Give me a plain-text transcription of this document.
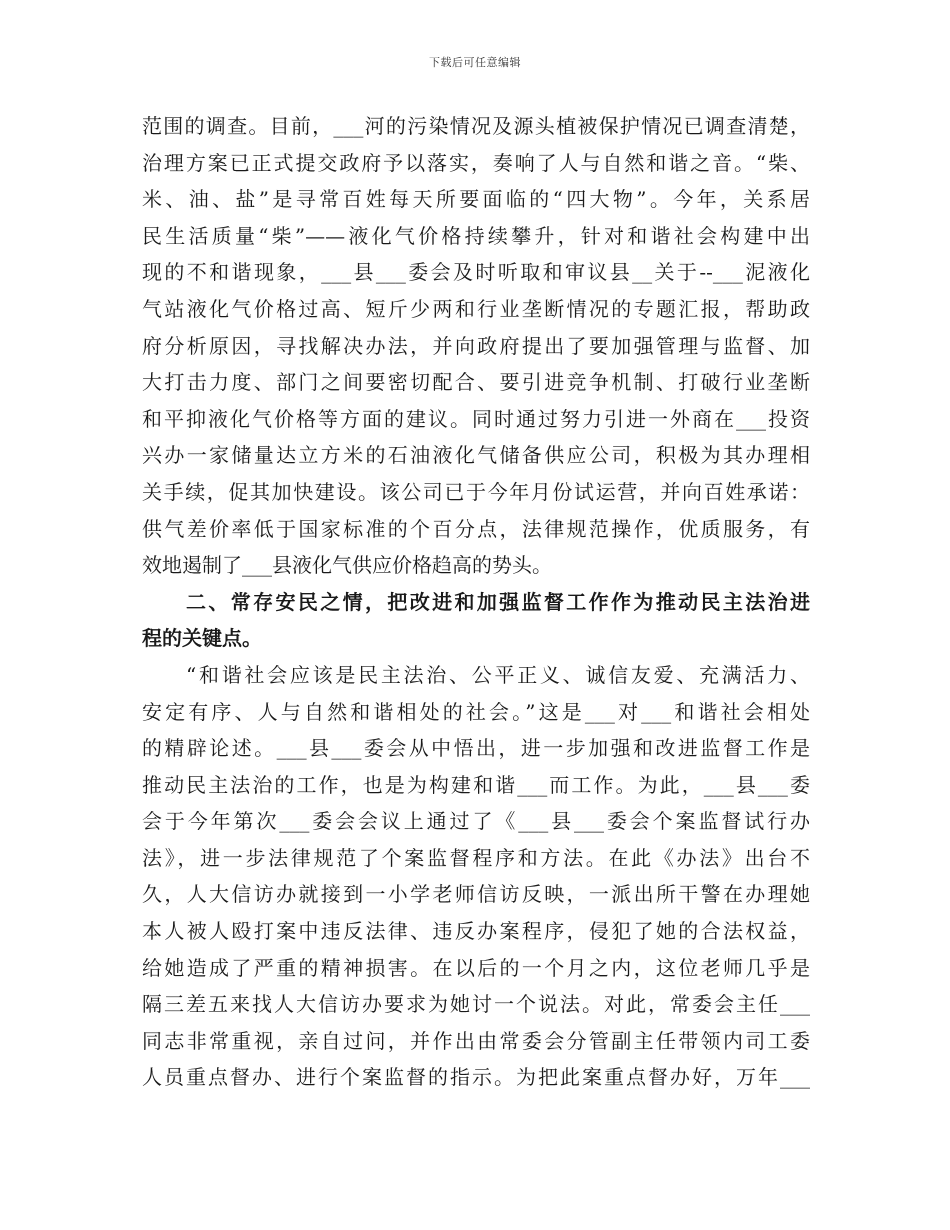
下载后可任意编辑
范围的调查。目前，___河的污染情况及源头植被保护情况已调查清楚，
治理方案已正式提交政府予以落实，奏响了人与自然和谐之音。“柴、
米、油、盐”是寻常百姓每天所要面临的“四大物”。今年，关系居
民生活质量“柴”——液化气价格持续攀升，针对和谐社会构建中出
现的不和谐现象，___县___委会及时听取和审议县__关于--___泥液化
气站液化气价格过高、短斤少两和行业垄断情况的专题汇报，帮助政
府分析原因，寻找解决办法，并向政府提出了要加强管理与监督、加
大打击力度、部门之间要密切配合、要引进竞争机制、打破行业垄断
和平抑液化气价格等方面的建议。同时通过努力引进一外商在___投资
兴办一家储量达立方米的石油液化气储备供应公司，积极为其办理相
关手续，促其加快建设。该公司已于今年月份试运营，并向百姓承诺：
供气差价率低于国家标准的个百分点，法律规范操作，优质服务，有
效地遏制了___县液化气供应价格趋高的势头。
二、常存安民之情，把改进和加强监督工作作为推动民主法治进
程的关键点。
“和谐社会应该是民主法治、公平正义、诚信友爱、充满活力、
安定有序、人与自然和谐相处的社会。”这是___对___和谐社会相处
的精辟论述。___县___委会从中悟出，进一步加强和改进监督工作是
推动民主法治的工作，也是为构建和谐___而工作。为此，___县___委
会于今年第次___委会会议上通过了《___县___委会个案监督试行办
法》，进一步法律规范了个案监督程序和方法。在此《办法》出台不
久，人大信访办就接到一小学老师信访反映，一派出所干警在办理她
本人被人殴打案中违反法律、违反办案程序，侵犯了她的合法权益，
给她造成了严重的精神损害。在以后的一个月之内，这位老师几乎是
隔三差五来找人大信访办要求为她讨一个说法。对此，常委会主任___
同志非常重视，亲自过问，并作出由常委会分管副主任带领内司工委
人员重点督办、进行个案监督的指示。为把此案重点督办好，万年___
